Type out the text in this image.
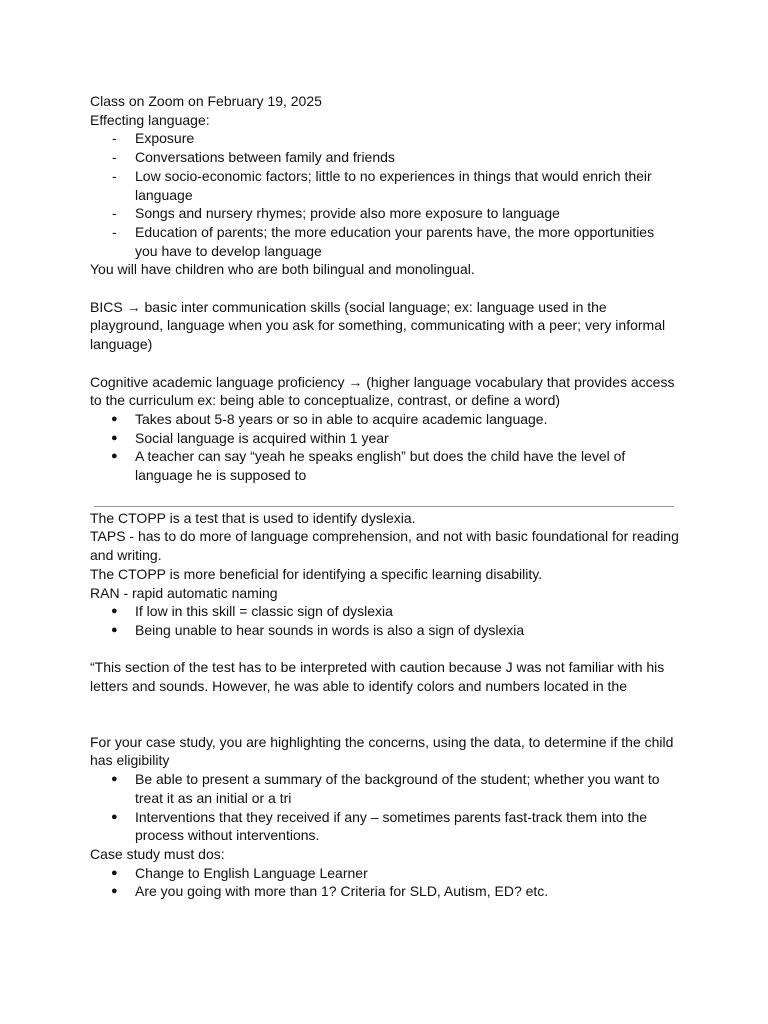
Class on Zoom on February 19, 2025

Effecting language:

- Exposure
- Conversations between family and friends
- Low socio-economic factors; little to no experiences in things that would enrich their language
- Songs and nursery rhymes; provide also more exposure to language
- Education of parents; the more education your parents have, the more opportunities you have to develop language

You will have children who are both bilingual and monolingual.

BICS → basic inter communication skills (social language; ex: language used in the playground, language when you ask for something, communicating with a peer; very informal language)

Cognitive academic language proficiency → (higher language vocabulary that provides access to the curriculum ex: being able to conceptualize, contrast, or define a word)

● Takes about 5-8 years or so in able to acquire academic language.
● Social language is acquired within 1 year
● A teacher can say “yeah he speaks english” but does the child have the level of language he is supposed to

The CTOPP is a test that is used to identify dyslexia.

TAPS - has to do more of language comprehension, and not with basic foundational for reading and writing.

The CTOPP is more beneficial for identifying a specific learning disability.

RAN - rapid automatic naming

● If low in this skill = classic sign of dyslexia
● Being unable to hear sounds in words is also a sign of dyslexia

“This section of the test has to be interpreted with caution because J was not familiar with his letters and sounds. However, he was able to identify colors and numbers located in the

For your case study, you are highlighting the concerns, using the data, to determine if the child has eligibility

● Be able to present a summary of the background of the student; whether you want to treat it as an initial or a tri
● Interventions that they received if any – sometimes parents fast-track them into the process without interventions.

Case study must dos:

● Change to English Language Learner
● Are you going with more than 1? Criteria for SLD, Autism, ED? etc.
